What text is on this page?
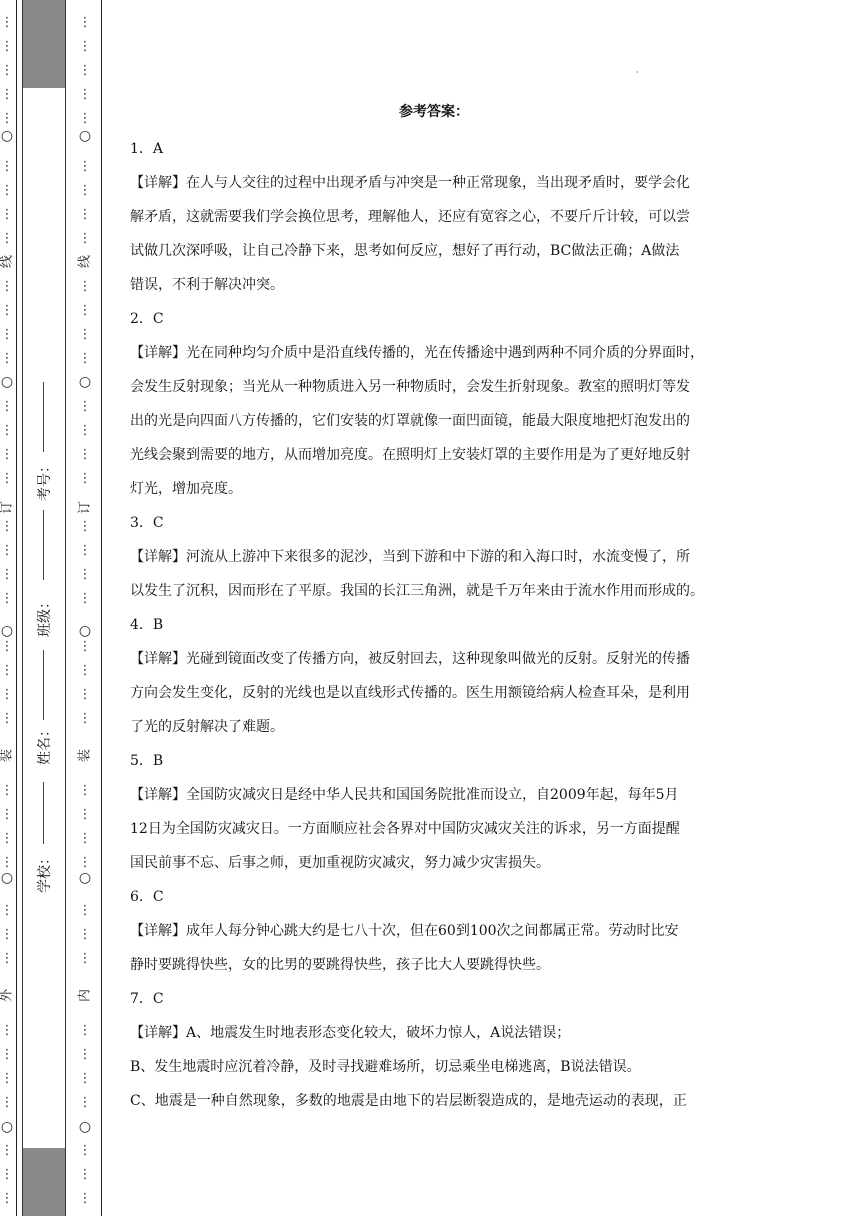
⋮
⋮
⋮
⋮
⋮
⋮
⋮
⋮
⋮
⋮
⋮
⋮
⋮
⋮
⋮
⋮
⋮
⋮
⋮
⋮
⋮
⋮
⋮
⋮
⋮
⋮
⋮
⋮
⋮
⋮
⋮
⋮
⋮
⋮
⋮
⋮
⋮
⋮
⋮
○
○
○
○
○
线
订
装
外
考号：
班级：
姓名：
学校：
⋮
⋮
⋮
⋮
⋮
⋮
⋮
⋮
⋮
⋮
⋮
⋮
⋮
⋮
⋮
⋮
⋮
⋮
⋮
⋮
⋮
⋮
⋮
⋮
⋮
⋮
⋮
⋮
⋮
⋮
⋮
⋮
⋮
⋮
⋮
⋮
⋮
⋮
⋮
○
○
○
○
○
线
订
装
内
·
参考答案：

1．A

【详解】在人与人交往的过程中出现矛盾与冲突是一种正常现象，当出现矛盾时，要学会化

解矛盾，这就需要我们学会换位思考，理解他人，还应有宽容之心，不要斤斤计较，可以尝

试做几次深呼吸，让自己冷静下来，思考如何反应，想好了再行动，BC做法正确；A做法

错误，不利于解决冲突。

2．C

【详解】光在同种均匀介质中是沿直线传播的，光在传播途中遇到两种不同介质的分界面时，

会发生反射现象；当光从一种物质进入另一种物质时，会发生折射现象。教室的照明灯等发

出的光是向四面八方传播的，它们安装的灯罩就像一面凹面镜，能最大限度地把灯泡发出的

光线会聚到需要的地方，从而增加亮度。在照明灯上安装灯罩的主要作用是为了更好地反射

灯光，增加亮度。

3．C

【详解】河流从上游冲下来很多的泥沙，当到下游和中下游的和入海口时，水流变慢了，所

以发生了沉积，因而形在了平原。我国的长江三角洲，就是千万年来由于流水作用而形成的。

4．B

【详解】光碰到镜面改变了传播方向，被反射回去，这种现象叫做光的反射。反射光的传播

方向会发生变化，反射的光线也是以直线形式传播的。医生用额镜给病人检查耳朵，是利用

了光的反射解决了难题。

5．B

【详解】全国防灾减灾日是经中华人民共和国国务院批准而设立，自2009年起，每年5月

12日为全国防灾减灾日。一方面顺应社会各界对中国防灾减灾关注的诉求，另一方面提醒

国民前事不忘、后事之师，更加重视防灾减灾，努力减少灾害损失。

6．C

【详解】成年人每分钟心跳大约是七八十次，但在60到100次之间都属正常。劳动时比安

静时要跳得快些，女的比男的要跳得快些，孩子比大人要跳得快些。

7．C

【详解】A、地震发生时地表形态变化较大，破坏力惊人，A说法错误；

B、发生地震时应沉着冷静，及时寻找避难场所，切忌乘坐电梯逃离，B说法错误。

C、地震是一种自然现象，多数的地震是由地下的岩层断裂造成的，是地壳运动的表现，正
